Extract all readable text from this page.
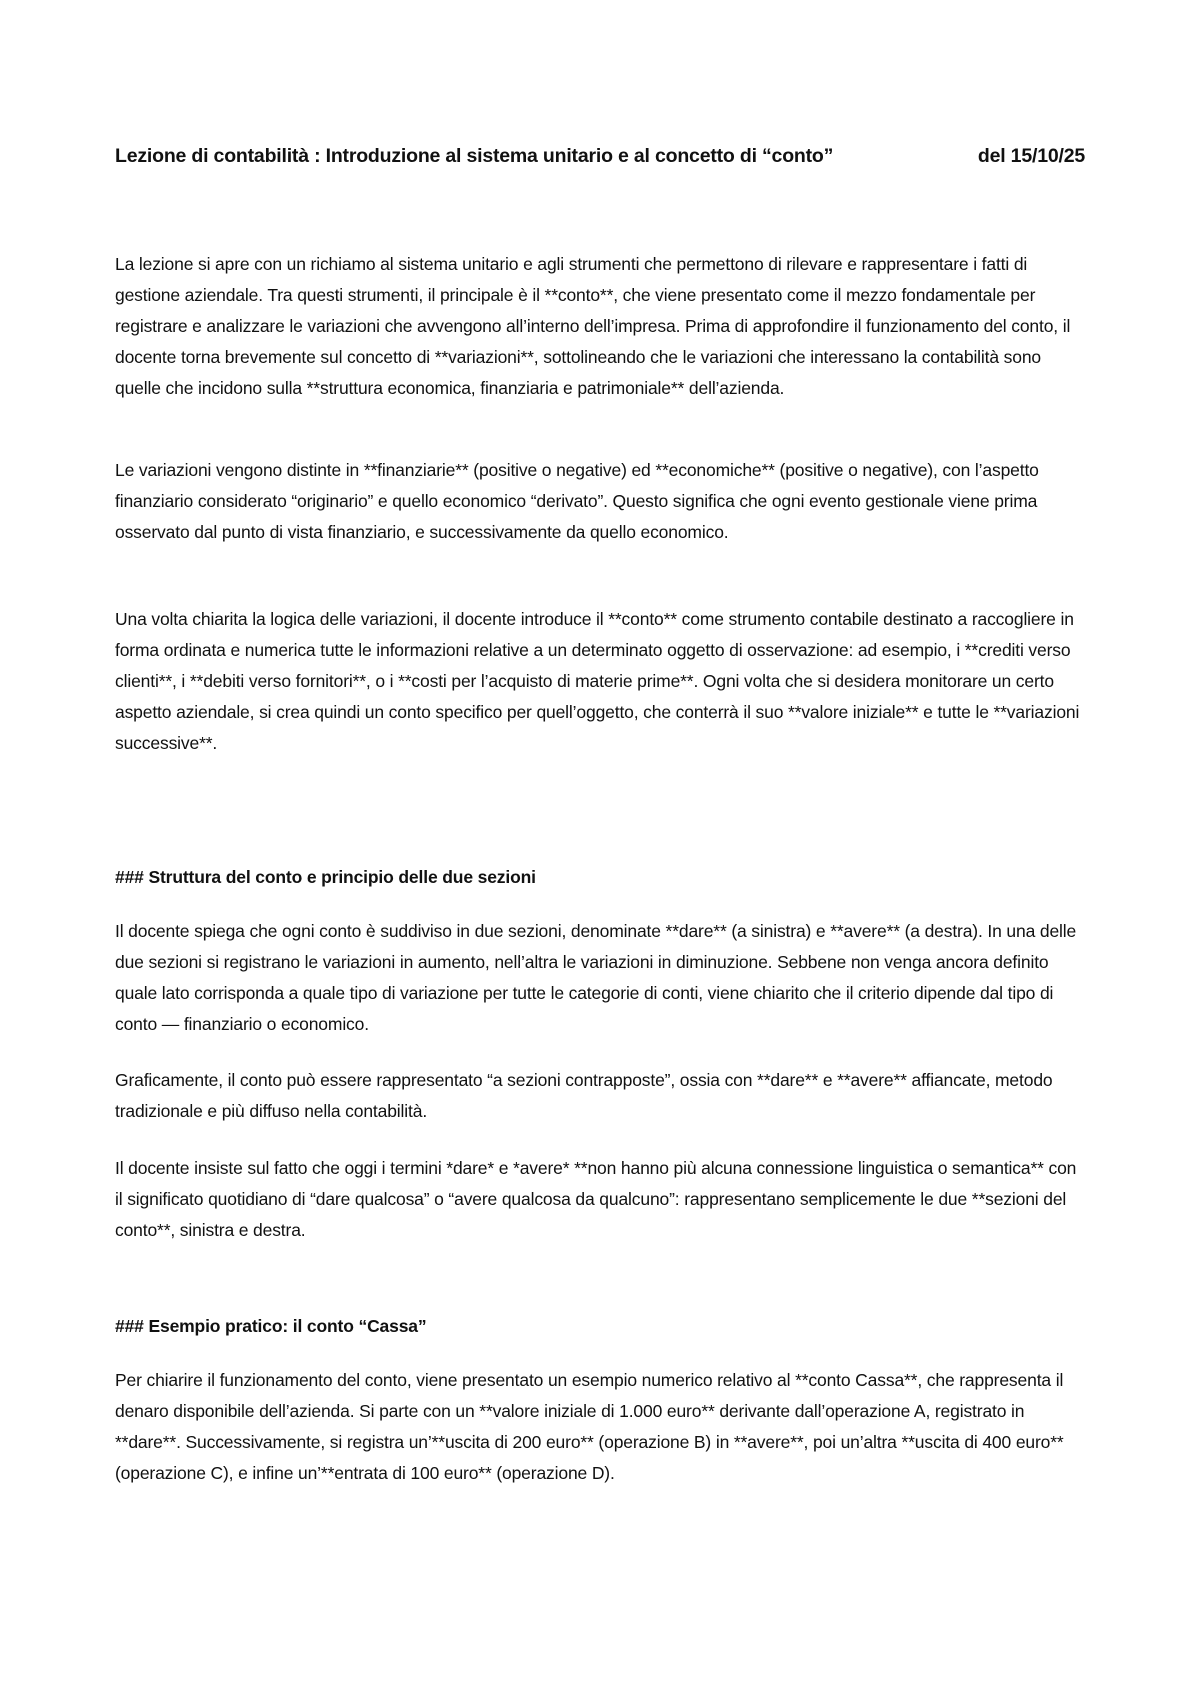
Lezione di contabilità : Introduzione al sistema unitario e al concetto di “conto”	del 15/10/25

La lezione si apre con un richiamo al sistema unitario e agli strumenti che permettono di rilevare e rappresentare i fatti di gestione aziendale. Tra questi strumenti, il principale è il **conto**, che viene presentato come il mezzo fondamentale per registrare e analizzare le variazioni che avvengono all’interno dell’impresa. Prima di approfondire il funzionamento del conto, il docente torna brevemente sul concetto di **variazioni**, sottolineando che le variazioni che interessano la contabilità sono quelle che incidono sulla **struttura economica, finanziaria e patrimoniale** dell’azienda.

Le variazioni vengono distinte in **finanziarie** (positive o negative) ed **economiche** (positive o negative), con l’aspetto finanziario considerato “originario” e quello economico “derivato”. Questo significa che ogni evento gestionale viene prima osservato dal punto di vista finanziario, e successivamente da quello economico.

Una volta chiarita la logica delle variazioni, il docente introduce il **conto** come strumento contabile destinato a raccogliere in forma ordinata e numerica tutte le informazioni relative a un determinato oggetto di osservazione: ad esempio, i **crediti verso clienti**, i **debiti verso fornitori**, o i **costi per l’acquisto di materie prime**. Ogni volta che si desidera monitorare un certo aspetto aziendale, si crea quindi un conto specifico per quell’oggetto, che conterrà il suo **valore iniziale** e tutte le **variazioni successive**.

### Struttura del conto e principio delle due sezioni

Il docente spiega che ogni conto è suddiviso in due sezioni, denominate **dare** (a sinistra) e **avere** (a destra). In una delle due sezioni si registrano le variazioni in aumento, nell’altra le variazioni in diminuzione. Sebbene non venga ancora definito quale lato corrisponda a quale tipo di variazione per tutte le categorie di conti, viene chiarito che il criterio dipende dal tipo di conto — finanziario o economico.

Graficamente, il conto può essere rappresentato “a sezioni contrapposte”, ossia con **dare** e **avere** affiancate, metodo tradizionale e più diffuso nella contabilità.

Il docente insiste sul fatto che oggi i termini *dare* e *avere* **non hanno più alcuna connessione linguistica o semantica** con il significato quotidiano di “dare qualcosa” o “avere qualcosa da qualcuno”: rappresentano semplicemente le due **sezioni del conto**, sinistra e destra.

### Esempio pratico: il conto “Cassa”

Per chiarire il funzionamento del conto, viene presentato un esempio numerico relativo al **conto Cassa**, che rappresenta il denaro disponibile dell’azienda. Si parte con un **valore iniziale di 1.000 euro** derivante dall’operazione A, registrato in **dare**. Successivamente, si registra un’**uscita di 200 euro** (operazione B) in **avere**, poi un’altra **uscita di 400 euro** (operazione C), e infine un’**entrata di 100 euro** (operazione D).
